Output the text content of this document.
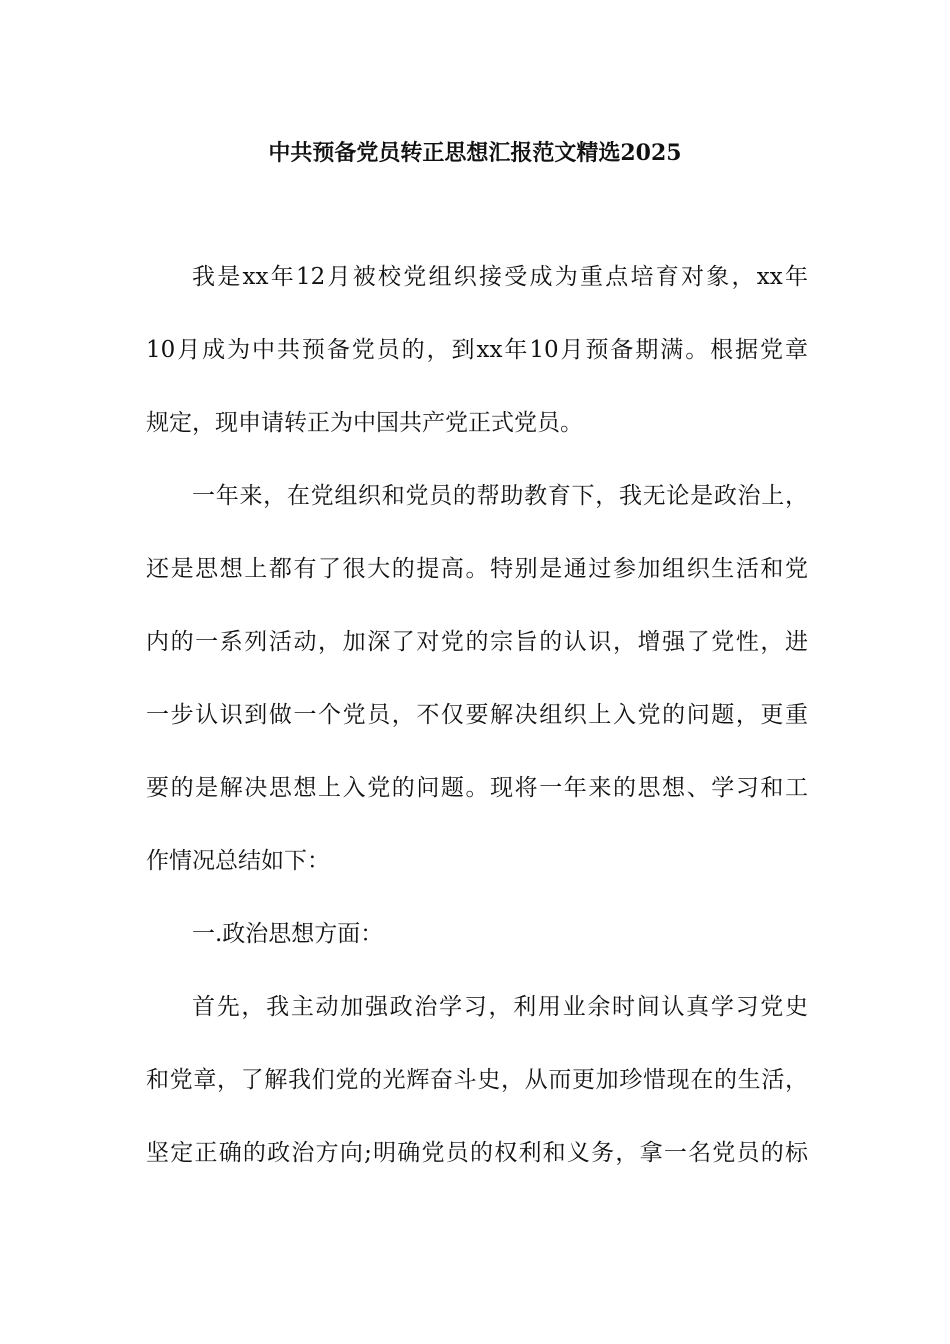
中共预备党员转正思想汇报范文精选2025
我是xx年12月被校党组织接受成为重点培育对象，xx年
10月成为中共预备党员的，到xx年10月预备期满。根据党章
规定，现申请转正为中国共产党正式党员。
一年来，在党组织和党员的帮助教育下，我无论是政治上，
还是思想上都有了很大的提高。特别是通过参加组织生活和党
内的一系列活动，加深了对党的宗旨的认识，增强了党性，进
一步认识到做一个党员，不仅要解决组织上入党的问题，更重
要的是解决思想上入党的问题。现将一年来的思想、学习和工
作情况总结如下：
一.政治思想方面：
首先，我主动加强政治学习，利用业余时间认真学习党史
和党章，了解我们党的光辉奋斗史，从而更加珍惜现在的生活，
坚定正确的政治方向;明确党员的权利和义务，拿一名党员的标
